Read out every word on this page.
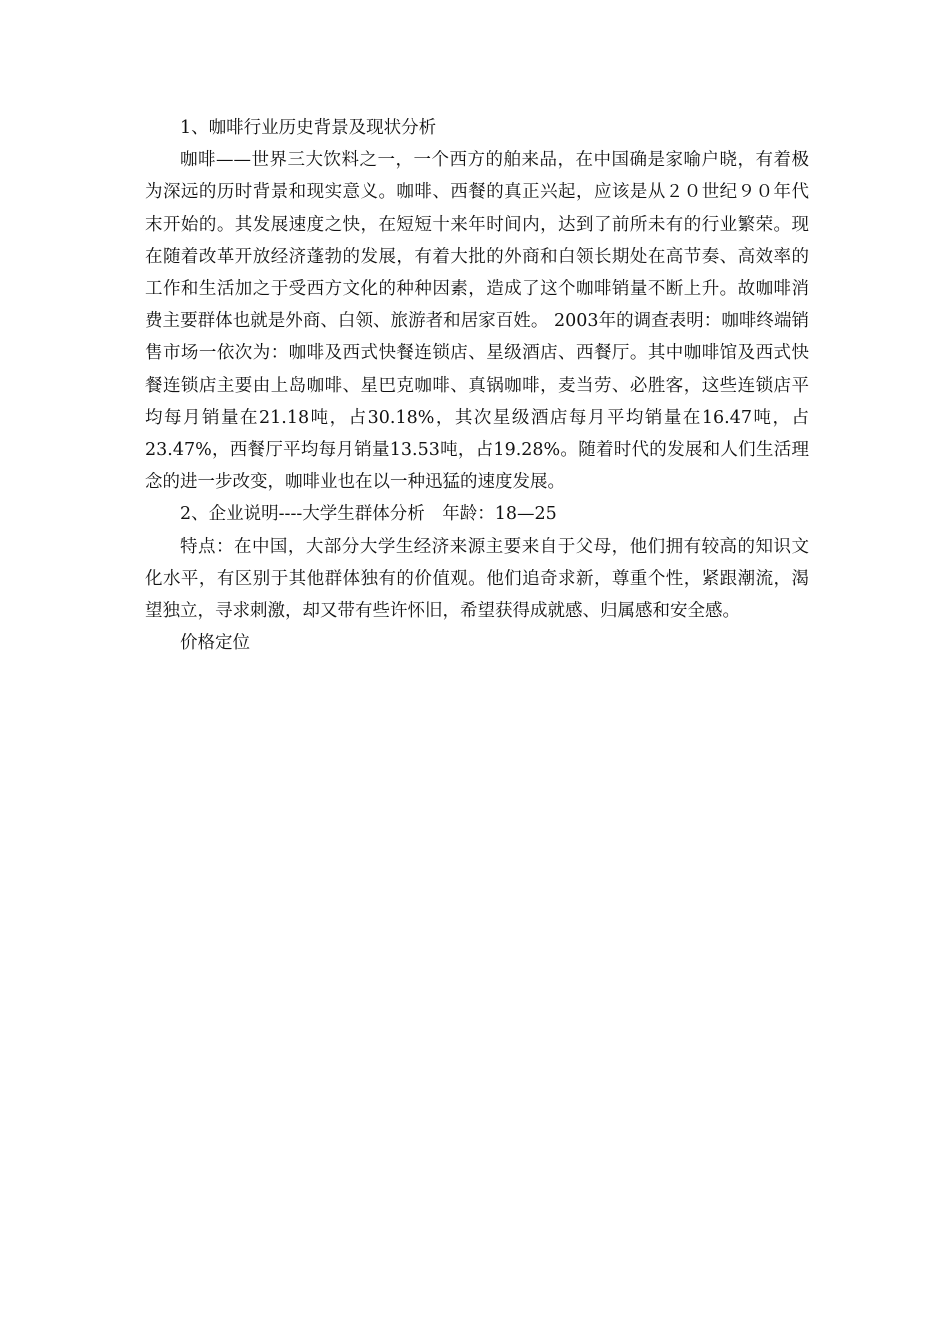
1、咖啡行业历史背景及现状分析

咖啡——世界三大饮料之一，一个西方的舶来品，在中国确是家喻户晓，有着极为深远的历时背景和现实意义。咖啡、西餐的真正兴起，应该是从２０世纪９０年代末开始的。其发展速度之快，在短短十来年时间内，达到了前所未有的行业繁荣。现在随着改革开放经济蓬勃的发展，有着大批的外商和白领长期处在高节奏、高效率的工作和生活加之于受西方文化的种种因素，造成了这个咖啡销量不断上升。故咖啡消费主要群体也就是外商、白领、旅游者和居家百姓。 2003年的调查表明：咖啡终端销售市场一依次为：咖啡及西式快餐连锁店、星级酒店、西餐厅。其中咖啡馆及西式快餐连锁店主要由上岛咖啡、星巴克咖啡、真锅咖啡，麦当劳、必胜客，这些连锁店平均每月销量在21.18吨，占30.18%，其次星级酒店每月平均销量在16.47吨，占23.47%，西餐厅平均每月销量13.53吨，占19.28%。随着时代的发展和人们生活理念的进一步改变，咖啡业也在以一种迅猛的速度发展。

2、企业说明----大学生群体分析　年龄：18—25

特点：在中国，大部分大学生经济来源主要来自于父母，他们拥有较高的知识文化水平，有区别于其他群体独有的价值观。他们追奇求新，尊重个性，紧跟潮流，渴望独立，寻求刺激，却又带有些许怀旧，希望获得成就感、归属感和安全感。

价格定位
